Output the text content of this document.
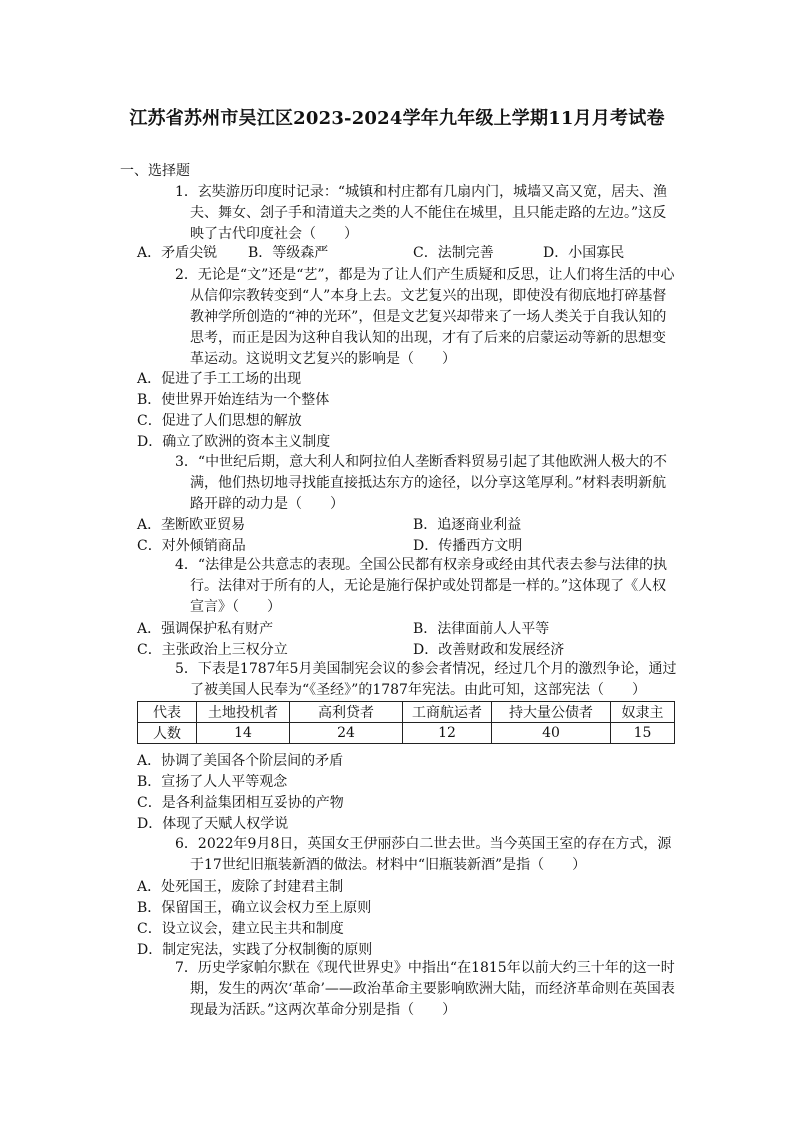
江苏省苏州市吴江区2023-2024学年九年级上学期11月月考试卷
一、选择题
1．玄奘游历印度时记录：“城镇和村庄都有几扇内门，城墙又高又宽，居夫、渔夫、舞女、刽子手和清道夫之类的人不能住在城里，且只能走路的左边。”这反映了古代印度社会（　　）
A．矛盾尖锐 B．等级森严	C．法制完善	D．小国寡民
2．无论是“文”还是“艺”，都是为了让人们产生质疑和反思，让人们将生活的中心从信仰宗教转变到“人”本身上去。文艺复兴的出现，即使没有彻底地打碎基督教神学所创造的“神的光环”，但是文艺复兴却带来了一场人类关于自我认知的思考，而正是因为这种自我认知的出现，才有了后来的启蒙运动等新的思想变革运动。这说明文艺复兴的影响是（　　）
A．促进了手工工场的出现
B．使世界开始连结为一个整体
C．促进了人们思想的解放
D．确立了欧洲的资本主义制度
3．“中世纪后期，意大利人和阿拉伯人垄断香料贸易引起了其他欧洲人极大的不满，他们热切地寻找能直接抵达东方的途径，以分享这笔厚利。”材料表明新航路开辟的动力是（　　）
A．垄断欧亚贸易	B．追逐商业利益
C．对外倾销商品	D．传播西方文明
4．“法律是公共意志的表现。全国公民都有权亲身或经由其代表去参与法律的执行。法律对于所有的人，无论是施行保护或处罚都是一样的。”这体现了《人权宣言》（　　）
A．强调保护私有财产	B．法律面前人人平等
C．主张政治上三权分立	D．改善财政和发展经济
5．下表是1787年5月美国制宪会议的参会者情况，经过几个月的激烈争论，通过了被美国人民奉为“《圣经》”的1787年宪法。由此可知，这部宪法（　　）
代表	土地投机者	高利贷者	工商航运者	持大量公债者	奴隶主
人数	14	24	12	40	15
A．协调了美国各个阶层间的矛盾
B．宣扬了人人平等观念
C．是各利益集团相互妥协的产物
D．体现了天赋人权学说
6．2022年9月8日，英国女王伊丽莎白二世去世。当今英国王室的存在方式，源于17世纪旧瓶装新酒的做法。材料中“旧瓶装新酒”是指（　　）
A．处死国王，废除了封建君主制
B．保留国王，确立议会权力至上原则
C．设立议会，建立民主共和制度
D．制定宪法，实践了分权制衡的原则
7．历史学家帕尔默在《现代世界史》中指出“在1815年以前大约三十年的这一时期，发生的两次‘革命’——政治革命主要影响欧洲大陆，而经济革命则在英国表现最为活跃。”这两次革命分别是指（　　）
